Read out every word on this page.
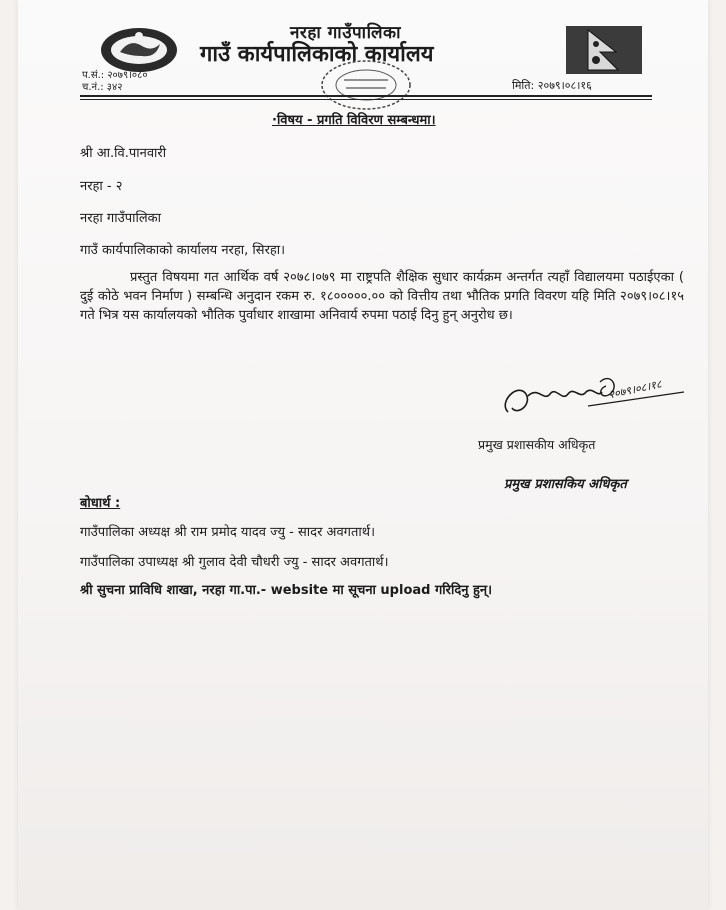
नरहा गाउँपालिका
गाउँ कार्यपालिकाको कार्यालय
प.सं.: २०७९।०८०
च.नं.: ३४२	मिति: २०७९।०८।१६
·विषय - प्रगति विविरण सम्बन्धमा।
श्री आ.वि.पानवारी
नरहा - २
नरहा गाउँपालिका
गाउँ कार्यपालिकाको कार्यालय नरहा, सिरहा।
प्रस्तुत विषयमा गत आर्थिक वर्ष २०७८।०७९ मा राष्ट्रपति शैक्षिक सुधार कार्यक्रम अन्तर्गत त्यहाँ विद्यालयमा पठाईएका ( दुई कोठे भवन निर्माण ) सम्बन्धि अनुदान रकम रु. १८०००००.०० को वित्तीय तथा भौतिक प्रगति विवरण यहि मिति २०७९।०८।१५ गते भित्र यस कार्यालयको भौतिक पुर्वाधार शाखामा अनिवार्य रुपमा पठाई दिनु हुन् अनुरोध छ।
२०७९।०८।१८
प्रमुख प्रशासकीय अधिकृत
प्रमुख प्रशासकिय अधिकृत
बोधार्थ :
गाउँपालिका अध्यक्ष श्री राम प्रमोद यादव ज्यु - सादर अवगतार्थ।
गाउँपालिका उपाध्यक्ष श्री गुलाव देवी चौधरी ज्यु - सादर अवगतार्थ।
श्री सुचना प्राविधि शाखा, नरहा गा.पा.- website मा सूचना upload गरिदिनु हुन्।
